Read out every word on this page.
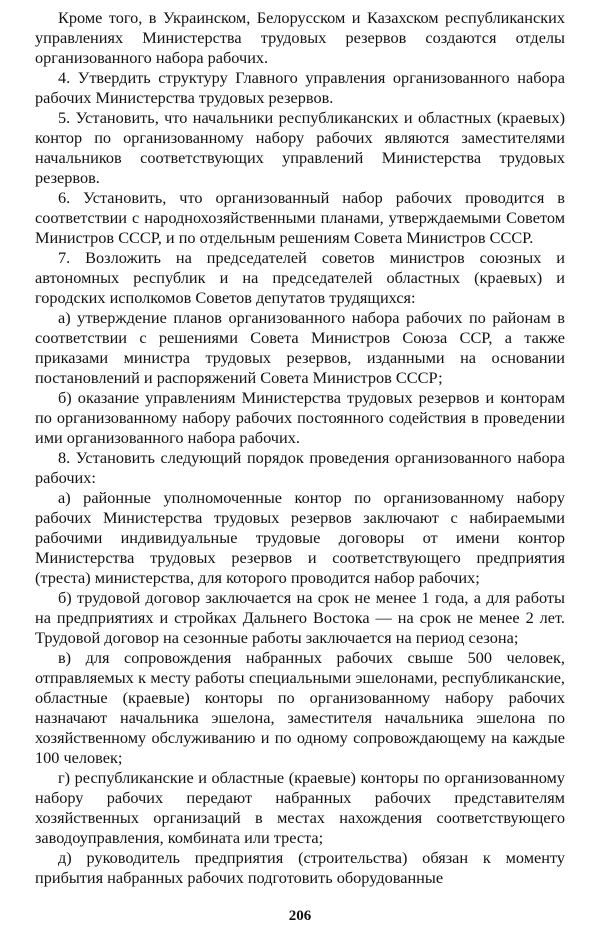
Кроме того, в Украинском, Белорусском и Казахском республиканских управлениях Министерства трудовых резервов создаются отделы организованного набора рабочих.

4. Утвердить структуру Главного управления организованного набора рабочих Министерства трудовых резервов.

5. Установить, что начальники республиканских и областных (краевых) контор по организованному набору рабочих являются заместителями начальников соответствующих управлений Министерства трудовых резервов.

6. Установить, что организованный набор рабочих проводится в соответствии с народнохозяйственными планами, утверждаемыми Советом Министров СССР, и по отдельным решениям Совета Министров СССР.

7. Возложить на председателей советов министров союзных и автономных республик и на председателей областных (краевых) и городских исполкомов Советов депутатов трудящихся:

а) утверждение планов организованного набора рабочих по районам в соответствии с решениями Совета Министров Союза ССР, а также приказами министра трудовых резервов, изданными на основании постановлений и распоряжений Совета Министров СССР;

б) оказание управлениям Министерства трудовых резервов и конторам по организованному набору рабочих постоянного содействия в проведении ими организованного набора рабочих.

8. Установить следующий порядок проведения организованного набора рабочих:

а) районные уполномоченные контор по организованному набору рабочих Министерства трудовых резервов заключают с набираемыми рабочими индивидуальные трудовые договоры от имени контор Министерства трудовых резервов и соответствующего предприятия (треста) министерства, для которого проводится набор рабочих;

б) трудовой договор заключается на срок не менее 1 года, а для работы на предприятиях и стройках Дальнего Востока — на срок не менее 2 лет. Трудовой договор на сезонные работы заключается на период сезона;

в) для сопровождения набранных рабочих свыше 500 человек, отправляемых к месту работы специальными эшелонами, республиканские, областные (краевые) конторы по организованному набору рабочих назначают начальника эшелона, заместителя начальника эшелона по хозяйственному обслуживанию и по одному сопровождающему на каждые 100 человек;

г) республиканские и областные (краевые) конторы по организованному набору рабочих передают набранных рабочих представителям хозяйственных организаций в местах нахождения соответствующего заводоуправления, комбината или треста;

д) руководитель предприятия (строительства) обязан к моменту прибытия набранных рабочих подготовить оборудованные

206
